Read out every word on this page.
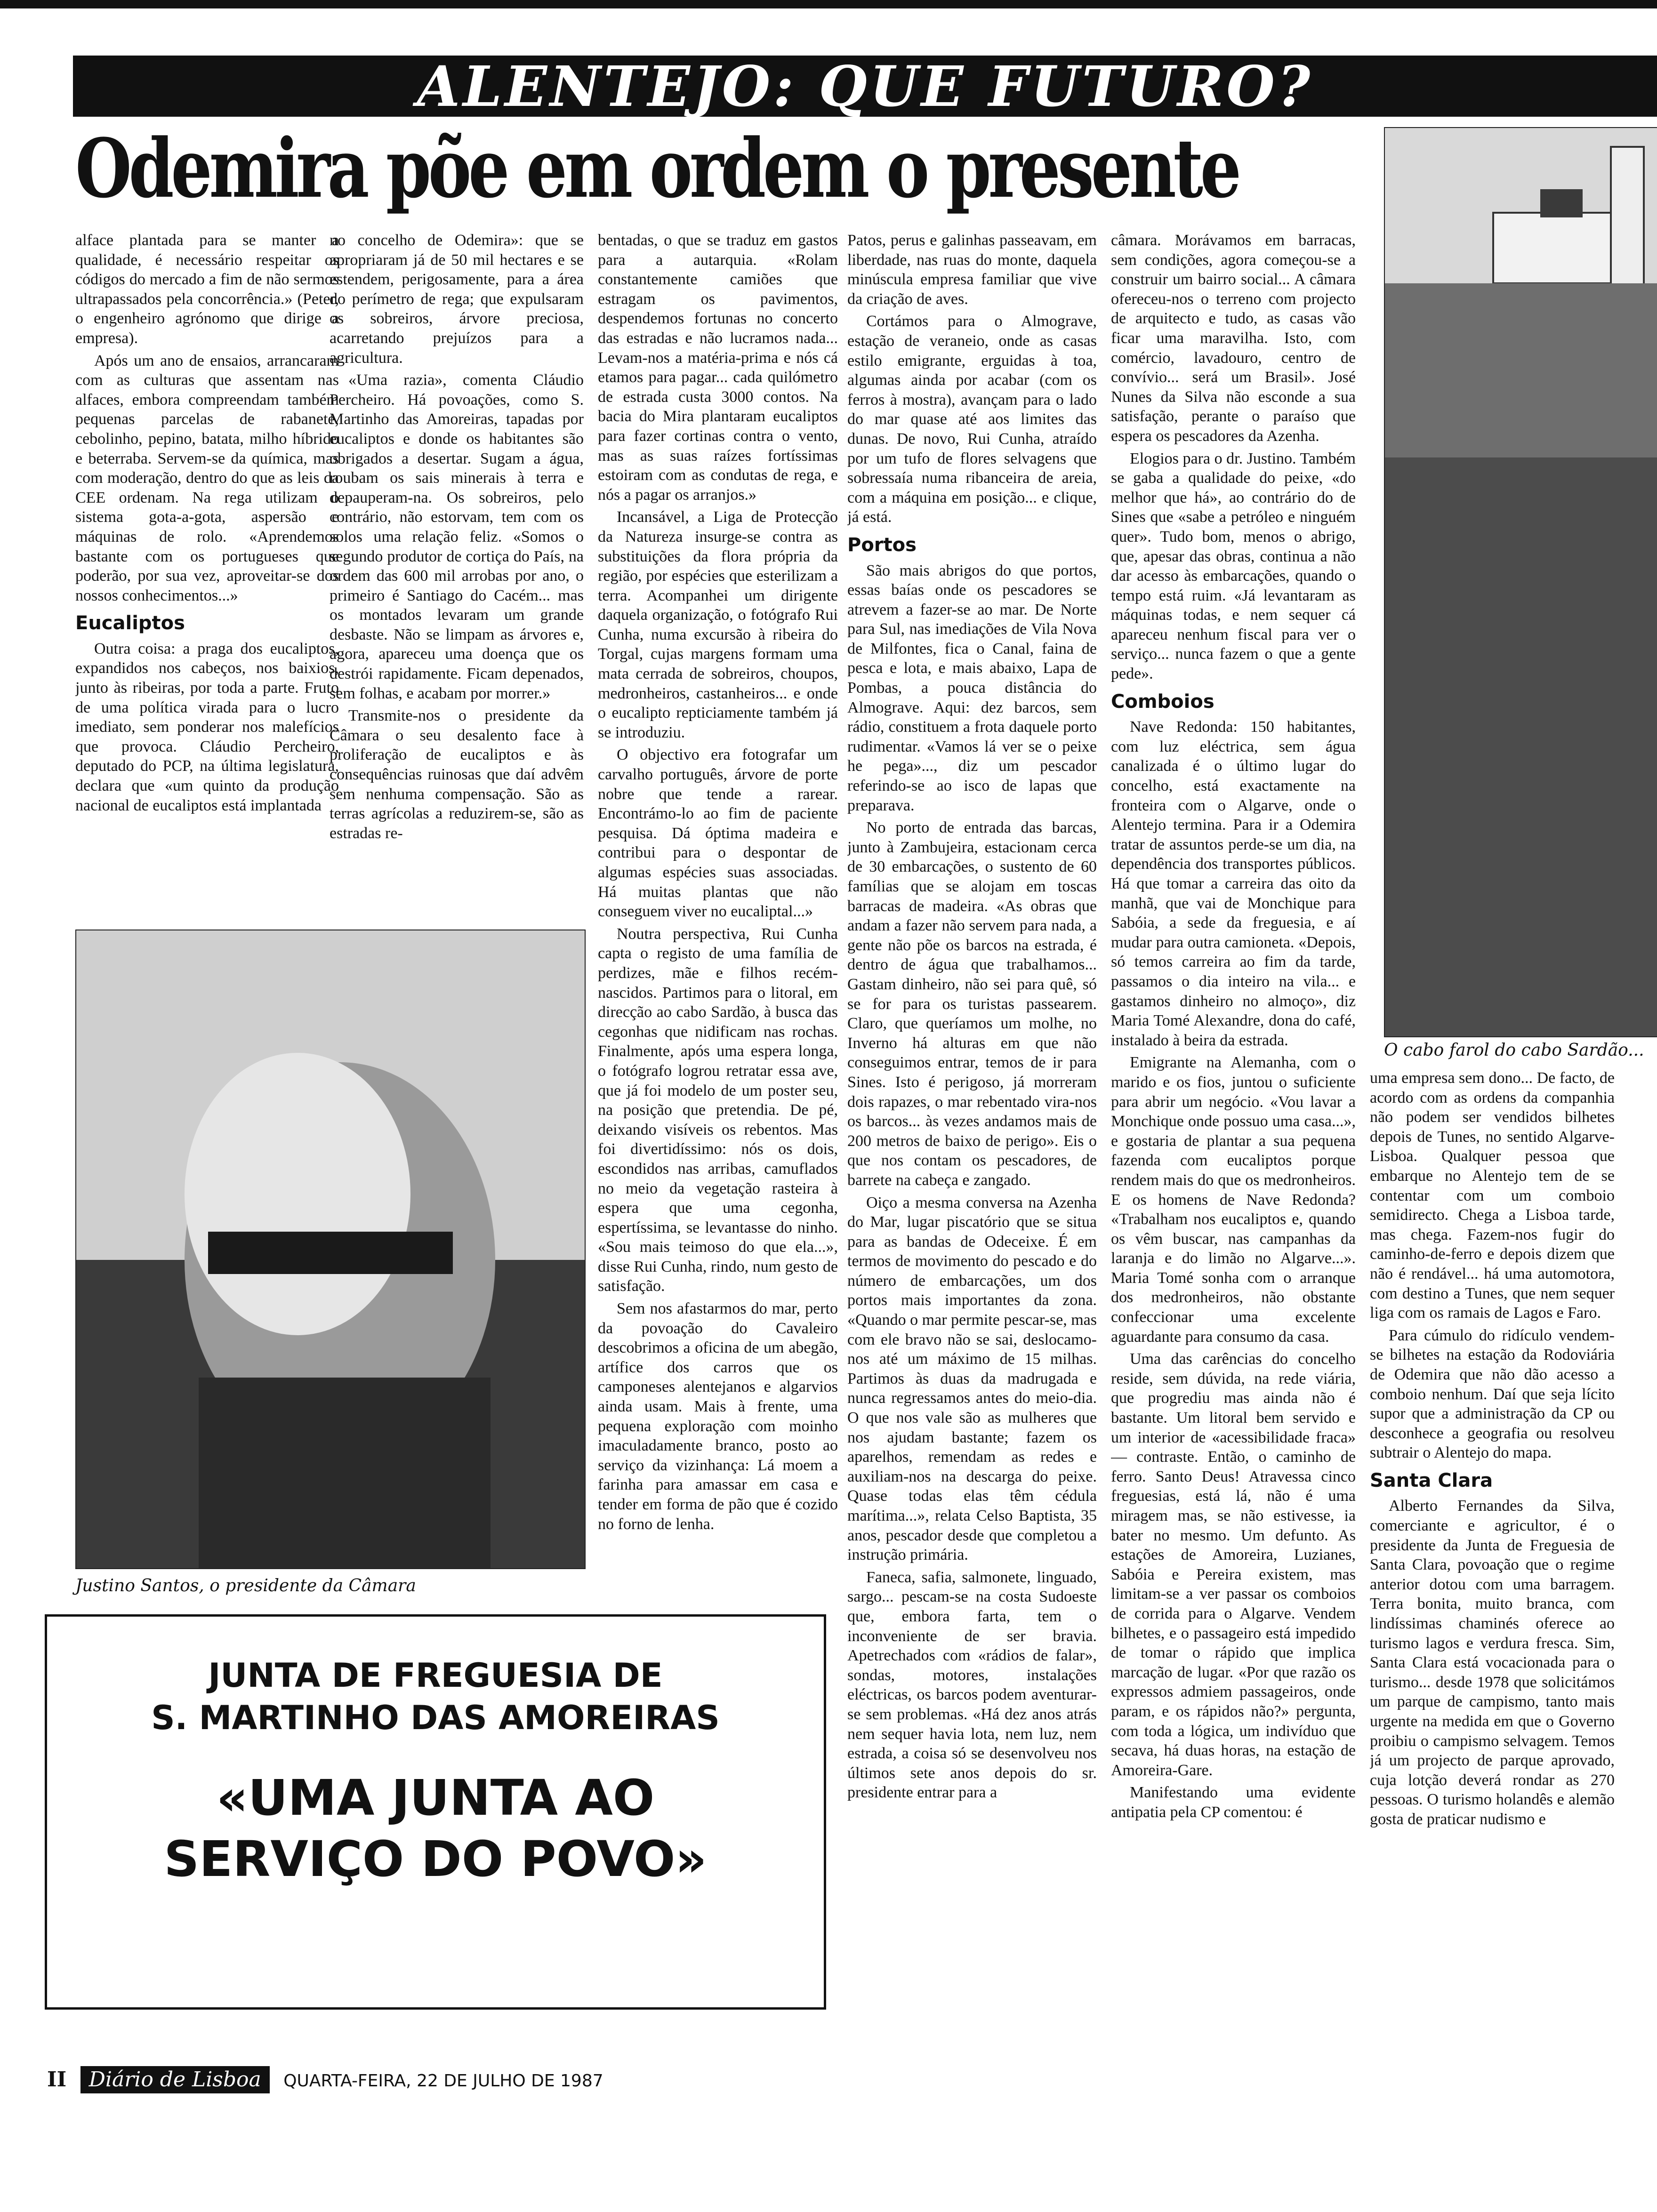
ALENTEJO: QUE FUTURO?
Odemira põe em ordem o presente

alface plantada para se manter a qualidade, é necessário respeitar os códigos do mercado a fim de não sermos ultrapassados pela concorrência.» (Peter, o engenheiro agrónomo que dirige a empresa).

Após um ano de ensaios, arrancaram com as culturas que assentam nas alfaces, embora compreendam também pequenas parcelas de rabanete, cebolinho, pepino, batata, milho híbrido e beterraba. Servem-se da química, mas com moderação, dentro do que as leis da CEE ordenam. Na rega utilizam o sistema gota-a-gota, aspersão e máquinas de rolo. «Aprendemos bastante com os portugueses que poderão, por sua vez, aproveitar-se dos nossos conhecimentos...»

Eucaliptos

Outra coisa: a praga dos eucaliptos, expandidos nos cabeços, nos baixios, junto às ribeiras, por toda a parte. Fruto de uma política virada para o lucro imediato, sem ponderar nos malefícios que provoca. Cláudio Percheiro, deputado do PCP, na última legislatura, declara que «um quinto da produção nacional de eucaliptos está implantada

no concelho de Odemira»: que se apropriaram já de 50 mil hectares e se estendem, perigosamente, para a área do perímetro de rega; que expulsaram os sobreiros, árvore preciosa, acarretando prejuízos para a agricultura.

«Uma razia», comenta Cláudio Percheiro. Há povoações, como S. Martinho das Amoreiras, tapadas por eucaliptos e donde os habitantes são obrigados a desertar. Sugam a água, roubam os sais minerais à terra e depauperam-na. Os sobreiros, pelo contrário, não estorvam, tem com os solos uma relação feliz. «Somos o segundo produtor de cortiça do País, na ordem das 600 mil arrobas por ano, o primeiro é Santiago do Cacém... mas os montados levaram um grande desbaste. Não se limpam as árvores e, agora, apareceu uma doença que os destrói rapidamente. Ficam depenados, sem folhas, e acabam por morrer.»

Transmite-nos o presidente da Câmara o seu desalento face à proliferação de eucaliptos e às consequências ruinosas que daí advêm sem nenhuma compensação. São as terras agrícolas a reduzirem-se, são as estradas re-

Justino Santos, o presidente da Câmara

bentadas, o que se traduz em gastos para a autarquia. «Rolam constantemente camiões que estragam os pavimentos, despendemos fortunas no concerto das estradas e não lucramos nada... Levam-nos a matéria-prima e nós cá etamos para pagar... cada quilómetro de estrada custa 3000 contos. Na bacia do Mira plantaram eucaliptos para fazer cortinas contra o vento, mas as suas raízes fortíssimas estoiram com as condutas de rega, e nós a pagar os arranjos.»

Incansável, a Liga de Protecção da Natureza insurge-se contra as substituições da flora própria da região, por espécies que esterilizam a terra. Acompanhei um dirigente daquela organização, o fotógrafo Rui Cunha, numa excursão à ribeira do Torgal, cujas margens formam uma mata cerrada de sobreiros, choupos, medronheiros, castanheiros... e onde o eucalipto repticiamente também já se introduziu.

O objectivo era fotografar um carvalho português, árvore de porte nobre que tende a rarear. Encontrámo-lo ao fim de paciente pesquisa. Dá óptima madeira e contribui para o despontar de algumas espécies suas associadas. Há muitas plantas que não conseguem viver no eucaliptal...»

Noutra perspectiva, Rui Cunha capta o registo de uma família de perdizes, mãe e filhos recém-nascidos. Partimos para o litoral, em direcção ao cabo Sardão, à busca das cegonhas que nidificam nas rochas. Finalmente, após uma espera longa, o fotógrafo logrou retratar essa ave, que já foi modelo de um poster seu, na posição que pretendia. De pé, deixando visíveis os rebentos. Mas foi divertidíssimo: nós os dois, escondidos nas arribas, camuflados no meio da vegetação rasteira à espera que uma cegonha, espertíssima, se levantasse do ninho. «Sou mais teimoso do que ela...», disse Rui Cunha, rindo, num gesto de satisfação.

Sem nos afastarmos do mar, perto da povoação do Cavaleiro descobrimos a oficina de um abegão, artífice dos carros que os camponeses alentejanos e algarvios ainda usam. Mais à frente, uma pequena exploração com moinho imaculadamente branco, posto ao serviço da vizinhança: Lá moem a farinha para amassar em casa e tender em forma de pão que é cozido no forno de lenha.

Patos, perus e galinhas passeavam, em liberdade, nas ruas do monte, daquela minúscula empresa familiar que vive da criação de aves.

Cortámos para o Almograve, estação de veraneio, onde as casas estilo emigrante, erguidas à toa, algumas ainda por acabar (com os ferros à mostra), avançam para o lado do mar quase até aos limites das dunas. De novo, Rui Cunha, atraído por um tufo de flores selvagens que sobressaía numa ribanceira de areia, com a máquina em posição... e clique, já está.

Portos

São mais abrigos do que portos, essas baías onde os pescadores se atrevem a fazer-se ao mar. De Norte para Sul, nas imediações de Vila Nova de Milfontes, fica o Canal, faina de pesca e lota, e mais abaixo, Lapa de Pombas, a pouca distância do Almograve. Aqui: dez barcos, sem rádio, constituem a frota daquele porto rudimentar. «Vamos lá ver se o peixe he pega»..., diz um pescador referindo-se ao isco de lapas que preparava.

No porto de entrada das barcas, junto à Zambujeira, estacionam cerca de 30 embarcações, o sustento de 60 famílias que se alojam em toscas barracas de madeira. «As obras que andam a fazer não servem para nada, a gente não põe os barcos na estrada, é dentro de água que trabalhamos... Gastam dinheiro, não sei para quê, só se for para os turistas passearem. Claro, que queríamos um molhe, no Inverno há alturas em que não conseguimos entrar, temos de ir para Sines. Isto é perigoso, já morreram dois rapazes, o mar rebentado vira-nos os barcos... às vezes andamos mais de 200 metros de baixo de perigo». Eis o que nos contam os pescadores, de barrete na cabeça e zangado.

Oiço a mesma conversa na Azenha do Mar, lugar piscatório que se situa para as bandas de Odeceixe. É em termos de movimento do pescado e do número de embarcações, um dos portos mais importantes da zona. «Quando o mar permite pescar-se, mas com ele bravo não se sai, deslocamo-nos até um máximo de 15 milhas. Partimos às duas da madrugada e nunca regressamos antes do meio-dia. O que nos vale são as mulheres que nos ajudam bastante; fazem os aparelhos, remendam as redes e auxiliam-nos na descarga do peixe. Quase todas elas têm cédula marítima...», relata Celso Baptista, 35 anos, pescador desde que completou a instrução primária.

Faneca, safia, salmonete, linguado, sargo... pescam-se na costa Sudoeste que, embora farta, tem o inconveniente de ser bravia. Apetrechados com «rádios de falar», sondas, motores, instalações eléctricas, os barcos podem aventurar-se sem problemas. «Há dez anos atrás nem sequer havia lota, nem luz, nem estrada, a coisa só se desenvolveu nos últimos sete anos depois do sr. presidente entrar para a

câmara. Morávamos em barracas, sem condições, agora começou-se a construir um bairro social... A câmara ofereceu-nos o terreno com projecto de arquitecto e tudo, as casas vão ficar uma maravilha. Isto, com comércio, lavadouro, centro de convívio... será um Brasil». José Nunes da Silva não esconde a sua satisfação, perante o paraíso que espera os pescadores da Azenha.

Elogios para o dr. Justino. Também se gaba a qualidade do peixe, «do melhor que há», ao contrário do de Sines que «sabe a petróleo e ninguém quer». Tudo bom, menos o abrigo, que, apesar das obras, continua a não dar acesso às embarcações, quando o tempo está ruim. «Já levantaram as máquinas todas, e nem sequer cá apareceu nenhum fiscal para ver o serviço... nunca fazem o que a gente pede».

Comboios

Nave Redonda: 150 habitantes, com luz eléctrica, sem água canalizada é o último lugar do concelho, está exactamente na fronteira com o Algarve, onde o Alentejo termina. Para ir a Odemira tratar de assuntos perde-se um dia, na dependência dos transportes públicos. Há que tomar a carreira das oito da manhã, que vai de Monchique para Sabóia, a sede da freguesia, e aí mudar para outra camioneta. «Depois, só temos carreira ao fim da tarde, passamos o dia inteiro na vila... e gastamos dinheiro no almoço», diz Maria Tomé Alexandre, dona do café, instalado à beira da estrada.

Emigrante na Alemanha, com o marido e os fios, juntou o suficiente para abrir um negócio. «Vou lavar a Monchique onde possuo uma casa...», e gostaria de plantar a sua pequena fazenda com eucaliptos porque rendem mais do que os medronheiros. E os homens de Nave Redonda? «Trabalham nos eucaliptos e, quando os vêm buscar, nas campanhas da laranja e do limão no Algarve...». Maria Tomé sonha com o arranque dos medronheiros, não obstante confeccionar uma excelente aguardante para consumo da casa.

Uma das carências do concelho reside, sem dúvida, na rede viária, que progrediu mas ainda não é bastante. Um litoral bem servido e um interior de «acessibilidade fraca» — contraste. Então, o caminho de ferro. Santo Deus! Atravessa cinco freguesias, está lá, não é uma miragem mas, se não estivesse, ia bater no mesmo. Um defunto. As estações de Amoreira, Luzianes, Sabóia e Pereira existem, mas limitam-se a ver passar os comboios de corrida para o Algarve. Vendem bilhetes, e o passageiro está impedido de tomar o rápido que implica marcação de lugar. «Por que razão os expressos admiem passageiros, onde param, e os rápidos não?» pergunta, com toda a lógica, um indivíduo que secava, há duas horas, na estação de Amoreira-Gare.

Manifestando uma evidente antipatia pela CP comentou: é

O cabo farol do cabo Sardão...

uma empresa sem dono... De facto, de acordo com as ordens da companhia não podem ser vendidos bilhetes depois de Tunes, no sentido Algarve-Lisboa. Qualquer pessoa que embarque no Alentejo tem de se contentar com um comboio semidirecto. Chega a Lisboa tarde, mas chega. Fazem-nos fugir do caminho-de-ferro e depois dizem que não é rendável... há uma automotora, com destino a Tunes, que nem sequer liga com os ramais de Lagos e Faro.

Para cúmulo do ridículo vendem-se bilhetes na estação da Rodoviária de Odemira que não dão acesso a comboio nenhum. Daí que seja lícito supor que a administração da CP ou desconhece a geografia ou resolveu subtrair o Alentejo do mapa.

Santa Clara

Alberto Fernandes da Silva, comerciante e agricultor, é o presidente da Junta de Freguesia de Santa Clara, povoação que o regime anterior dotou com uma barragem. Terra bonita, muito branca, com lindíssimas chaminés oferece ao turismo lagos e verdura fresca. Sim, Santa Clara está vocacionada para o turismo... desde 1978 que solicitámos um parque de campismo, tanto mais urgente na medida em que o Governo proibiu o campismo selvagem. Temos já um projecto de parque aprovado, cuja lotção deverá rondar as 270 pessoas. O turismo holandês e alemão gosta de praticar nudismo e

JUNTA DE FREGUESIA DE
S. MARTINHO DAS AMOREIRAS
«UMA JUNTA AO
SERVIÇO DO POVO»
II Diário de Lisboa QUARTA-FEIRA, 22 DE JULHO DE 1987
